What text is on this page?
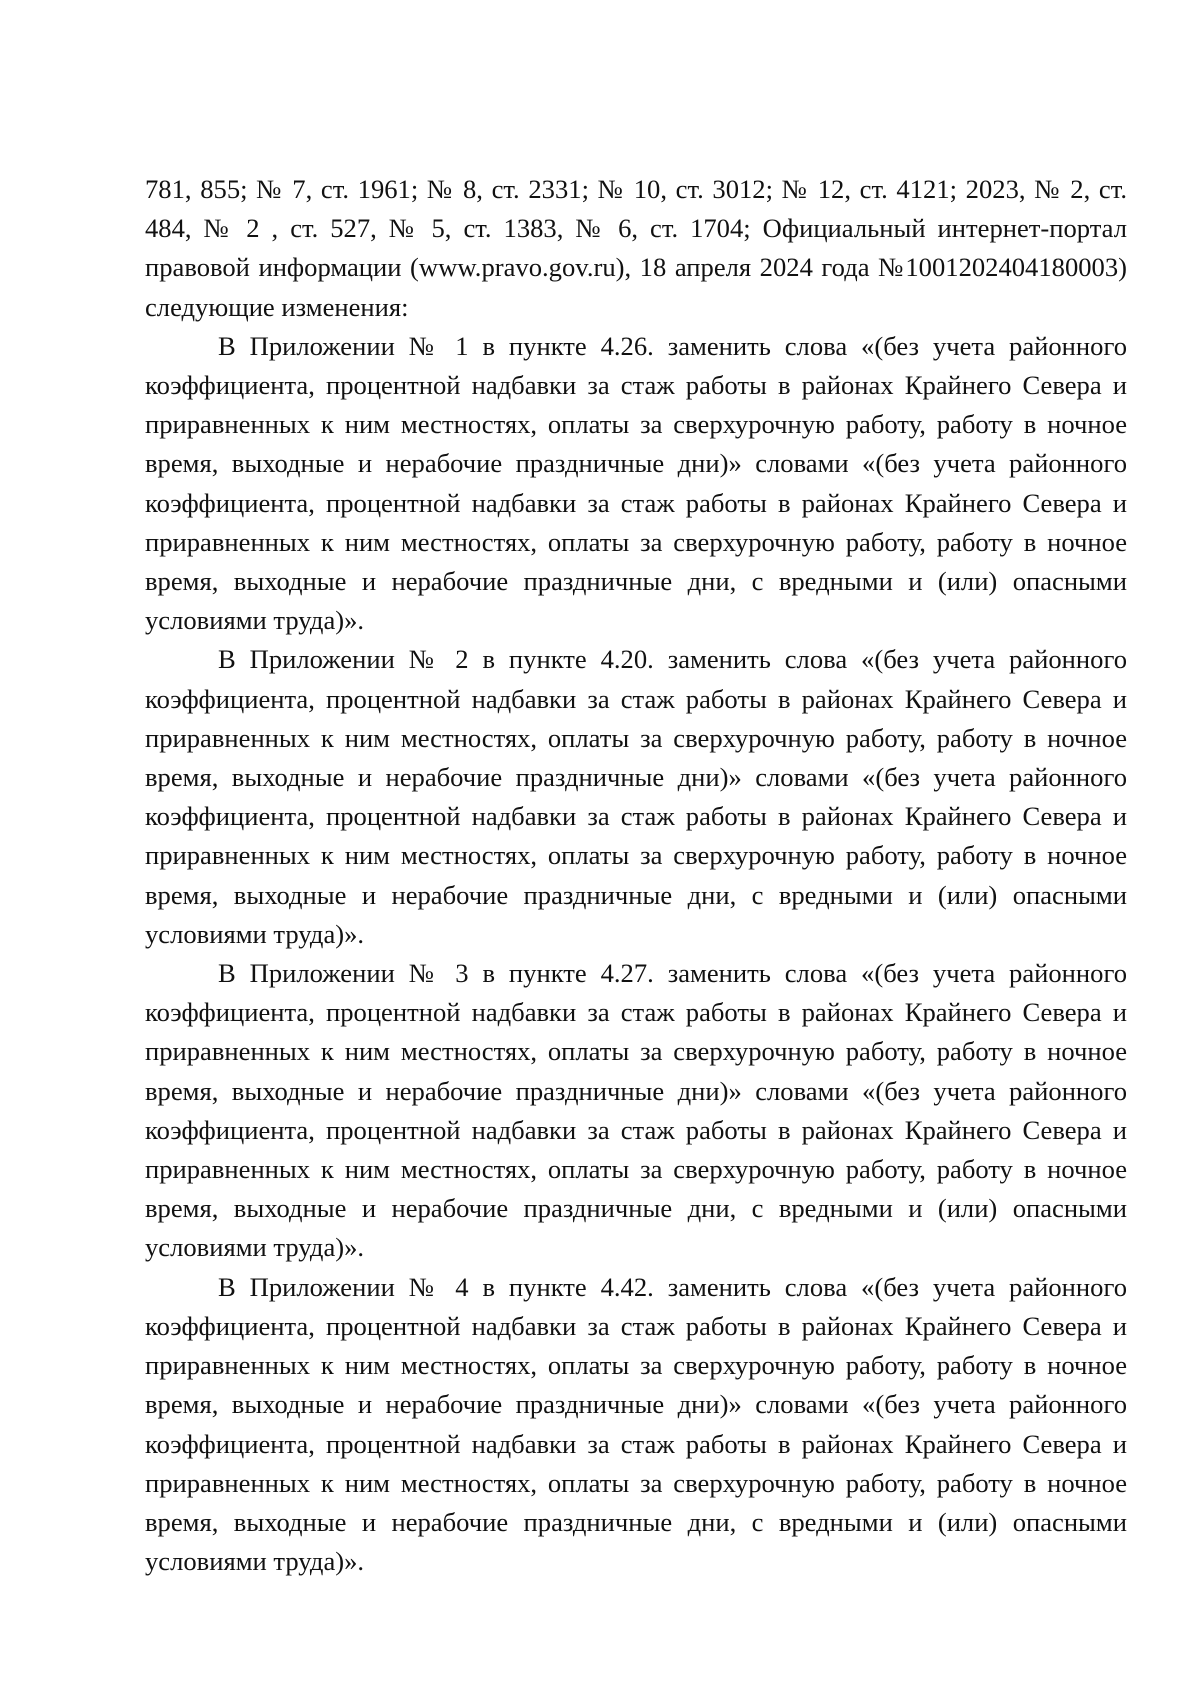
781, 855; № 7, ст. 1961; № 8, ст. 2331; № 10, ст. 3012; № 12, ст. 4121; 2023, № 2, ст. 484, № 2 , ст. 527, № 5, ст. 1383, № 6, ст. 1704; Официальный интернет-портал правовой информации (www.pravo.gov.ru), 18 апреля 2024 года №1001202404180003) следующие изменения:

В Приложении № 1 в пункте 4.26. заменить слова «(без учета районного коэффициента, процентной надбавки за стаж работы в районах Крайнего Севера и приравненных к ним местностях, оплаты за сверхурочную работу, работу в ночное время, выходные и нерабочие праздничные дни)» словами «(без учета районного коэффициента, процентной надбавки за стаж работы в районах Крайнего Севера и приравненных к ним местностях, оплаты за сверхурочную работу, работу в ночное время, выходные и нерабочие праздничные дни, с вредными и (или) опасными условиями труда)».

В Приложении № 2 в пункте 4.20. заменить слова «(без учета районного коэффициента, процентной надбавки за стаж работы в районах Крайнего Севера и приравненных к ним местностях, оплаты за сверхурочную работу, работу в ночное время, выходные и нерабочие праздничные дни)» словами «(без учета районного коэффициента, процентной надбавки за стаж работы в районах Крайнего Севера и приравненных к ним местностях, оплаты за сверхурочную работу, работу в ночное время, выходные и нерабочие праздничные дни, с вредными и (или) опасными условиями труда)».

В Приложении № 3 в пункте 4.27. заменить слова «(без учета районного коэффициента, процентной надбавки за стаж работы в районах Крайнего Севера и приравненных к ним местностях, оплаты за сверхурочную работу, работу в ночное время, выходные и нерабочие праздничные дни)» словами «(без учета районного коэффициента, процентной надбавки за стаж работы в районах Крайнего Севера и приравненных к ним местностях, оплаты за сверхурочную работу, работу в ночное время, выходные и нерабочие праздничные дни, с вредными и (или) опасными условиями труда)».

В Приложении № 4 в пункте 4.42. заменить слова «(без учета районного коэффициента, процентной надбавки за стаж работы в районах Крайнего Севера и приравненных к ним местностях, оплаты за сверхурочную работу, работу в ночное время, выходные и нерабочие праздничные дни)» словами «(без учета районного коэффициента, процентной надбавки за стаж работы в районах Крайнего Севера и приравненных к ним местностях, оплаты за сверхурочную работу, работу в ночное время, выходные и нерабочие праздничные дни, с вредными и (или) опасными условиями труда)».
